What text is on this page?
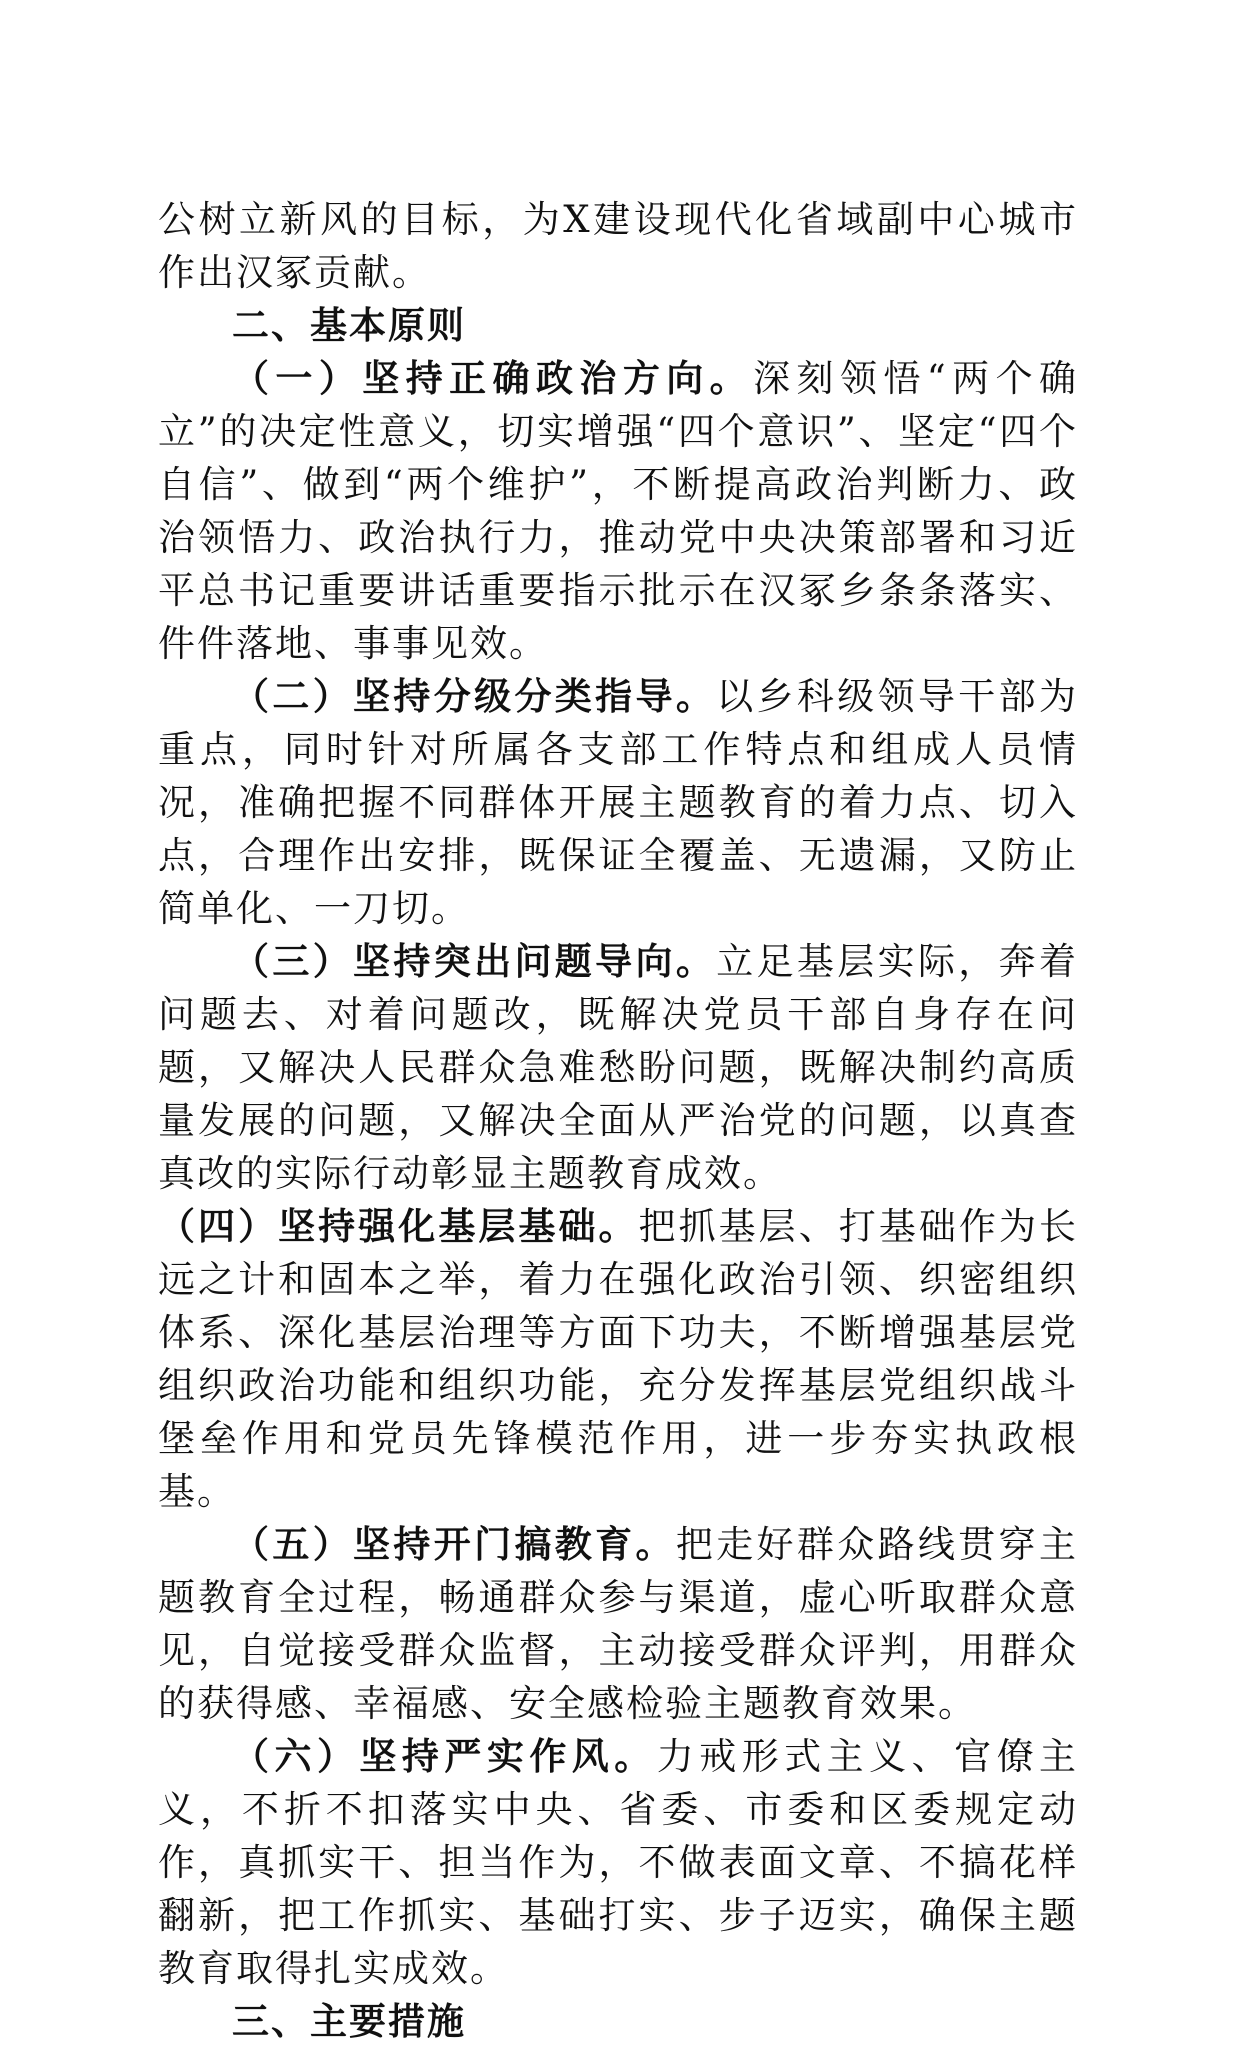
公树立新风的目标，为X建设现代化省域副中心城市作出汉冢贡献。

二、基本原则

（一）坚持正确政治方向。深刻领悟“两个确立”的决定性意义，切实增强“四个意识”、坚定“四个自信”、做到“两个维护”，不断提高政治判断力、政治领悟力、政治执行力，推动党中央决策部署和习近平总书记重要讲话重要指示批示在汉冢乡条条落实、件件落地、事事见效。

（二）坚持分级分类指导。以乡科级领导干部为重点，同时针对所属各支部工作特点和组成人员情况，准确把握不同群体开展主题教育的着力点、切入点，合理作出安排，既保证全覆盖、无遗漏，又防止简单化、一刀切。

（三）坚持突出问题导向。立足基层实际，奔着问题去、对着问题改，既解决党员干部自身存在问题，又解决人民群众急难愁盼问题，既解决制约高质量发展的问题，又解决全面从严治党的问题，以真查真改的实际行动彰显主题教育成效。

（四）坚持强化基层基础。把抓基层、打基础作为长远之计和固本之举，着力在强化政治引领、织密组织体系、深化基层治理等方面下功夫，不断增强基层党组织政治功能和组织功能，充分发挥基层党组织战斗堡垒作用和党员先锋模范作用，进一步夯实执政根基。

（五）坚持开门搞教育。把走好群众路线贯穿主题教育全过程，畅通群众参与渠道，虚心听取群众意见，自觉接受群众监督，主动接受群众评判，用群众的获得感、幸福感、安全感检验主题教育效果。

（六）坚持严实作风。力戒形式主义、官僚主义，不折不扣落实中央、省委、市委和区委规定动作，真抓实干、担当作为，不做表面文章、不搞花样翻新，把工作抓实、基础打实、步子迈实，确保主题教育取得扎实成效。

三、主要措施
